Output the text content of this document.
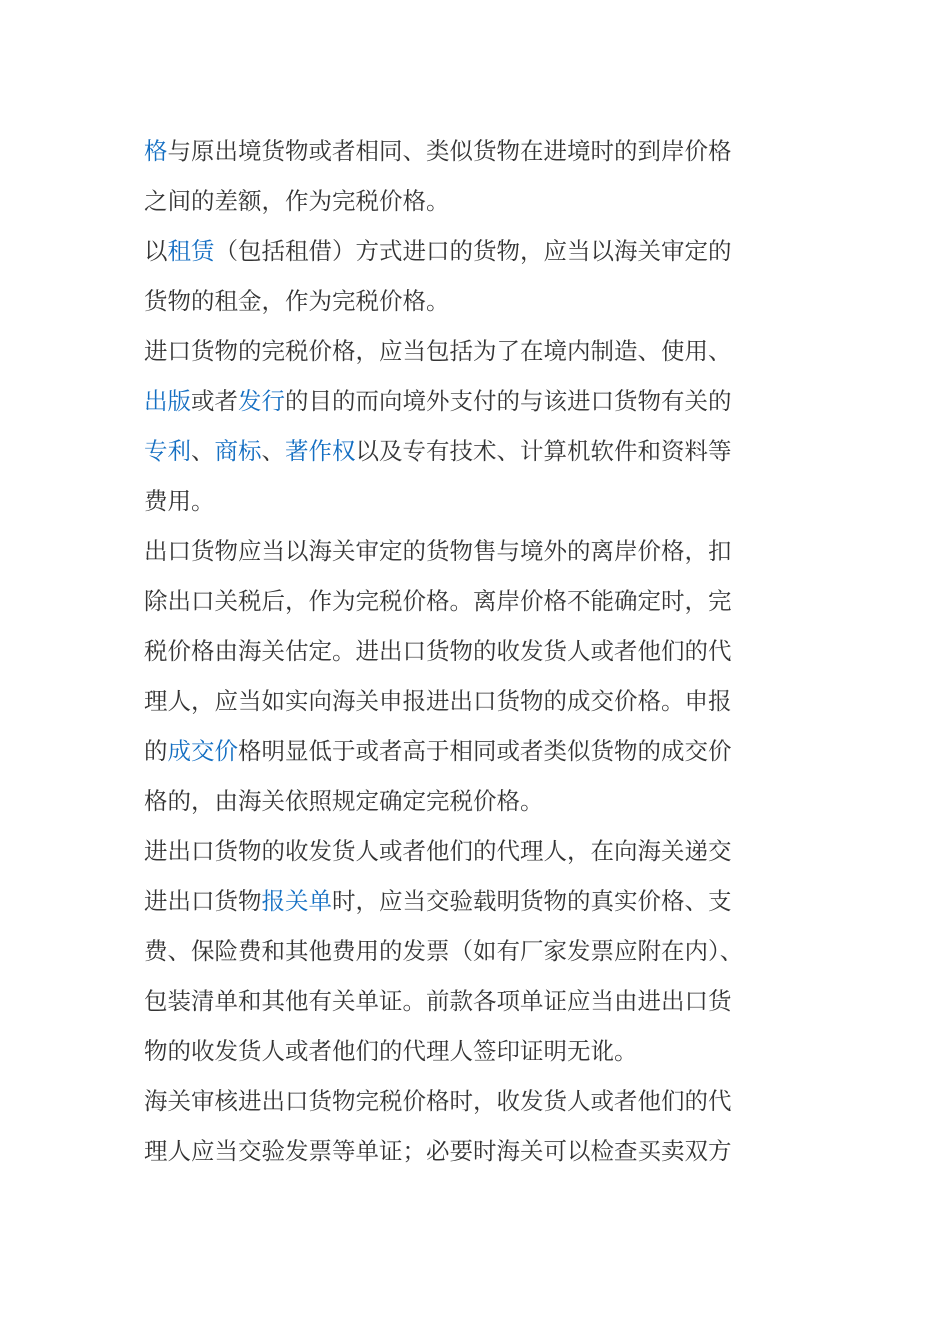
格与原出境货物或者相同、类似货物在进境时的到岸价格
之间的差额，作为完税价格。
以租赁（包括租借）方式进口的货物，应当以海关审定的
货物的租金，作为完税价格。
进口货物的完税价格，应当包括为了在境内制造、使用、
出版或者发行的目的而向境外支付的与该进口货物有关的
专利、商标、著作权以及专有技术、计算机软件和资料等
费用。
出口货物应当以海关审定的货物售与境外的离岸价格，扣
除出口关税后，作为完税价格。离岸价格不能确定时，完
税价格由海关估定。进出口货物的收发货人或者他们的代
理人，应当如实向海关申报进出口货物的成交价格。申报
的成交价格明显低于或者高于相同或者类似货物的成交价
格的，由海关依照规定确定完税价格。
进出口货物的收发货人或者他们的代理人，在向海关递交
进出口货物报关单时，应当交验载明货物的真实价格、支
费、保险费和其他费用的发票（如有厂家发票应附在内）、
包装清单和其他有关单证。前款各项单证应当由进出口货
物的收发货人或者他们的代理人签印证明无讹。
海关审核进出口货物完税价格时，收发货人或者他们的代
理人应当交验发票等单证；必要时海关可以检查买卖双方
